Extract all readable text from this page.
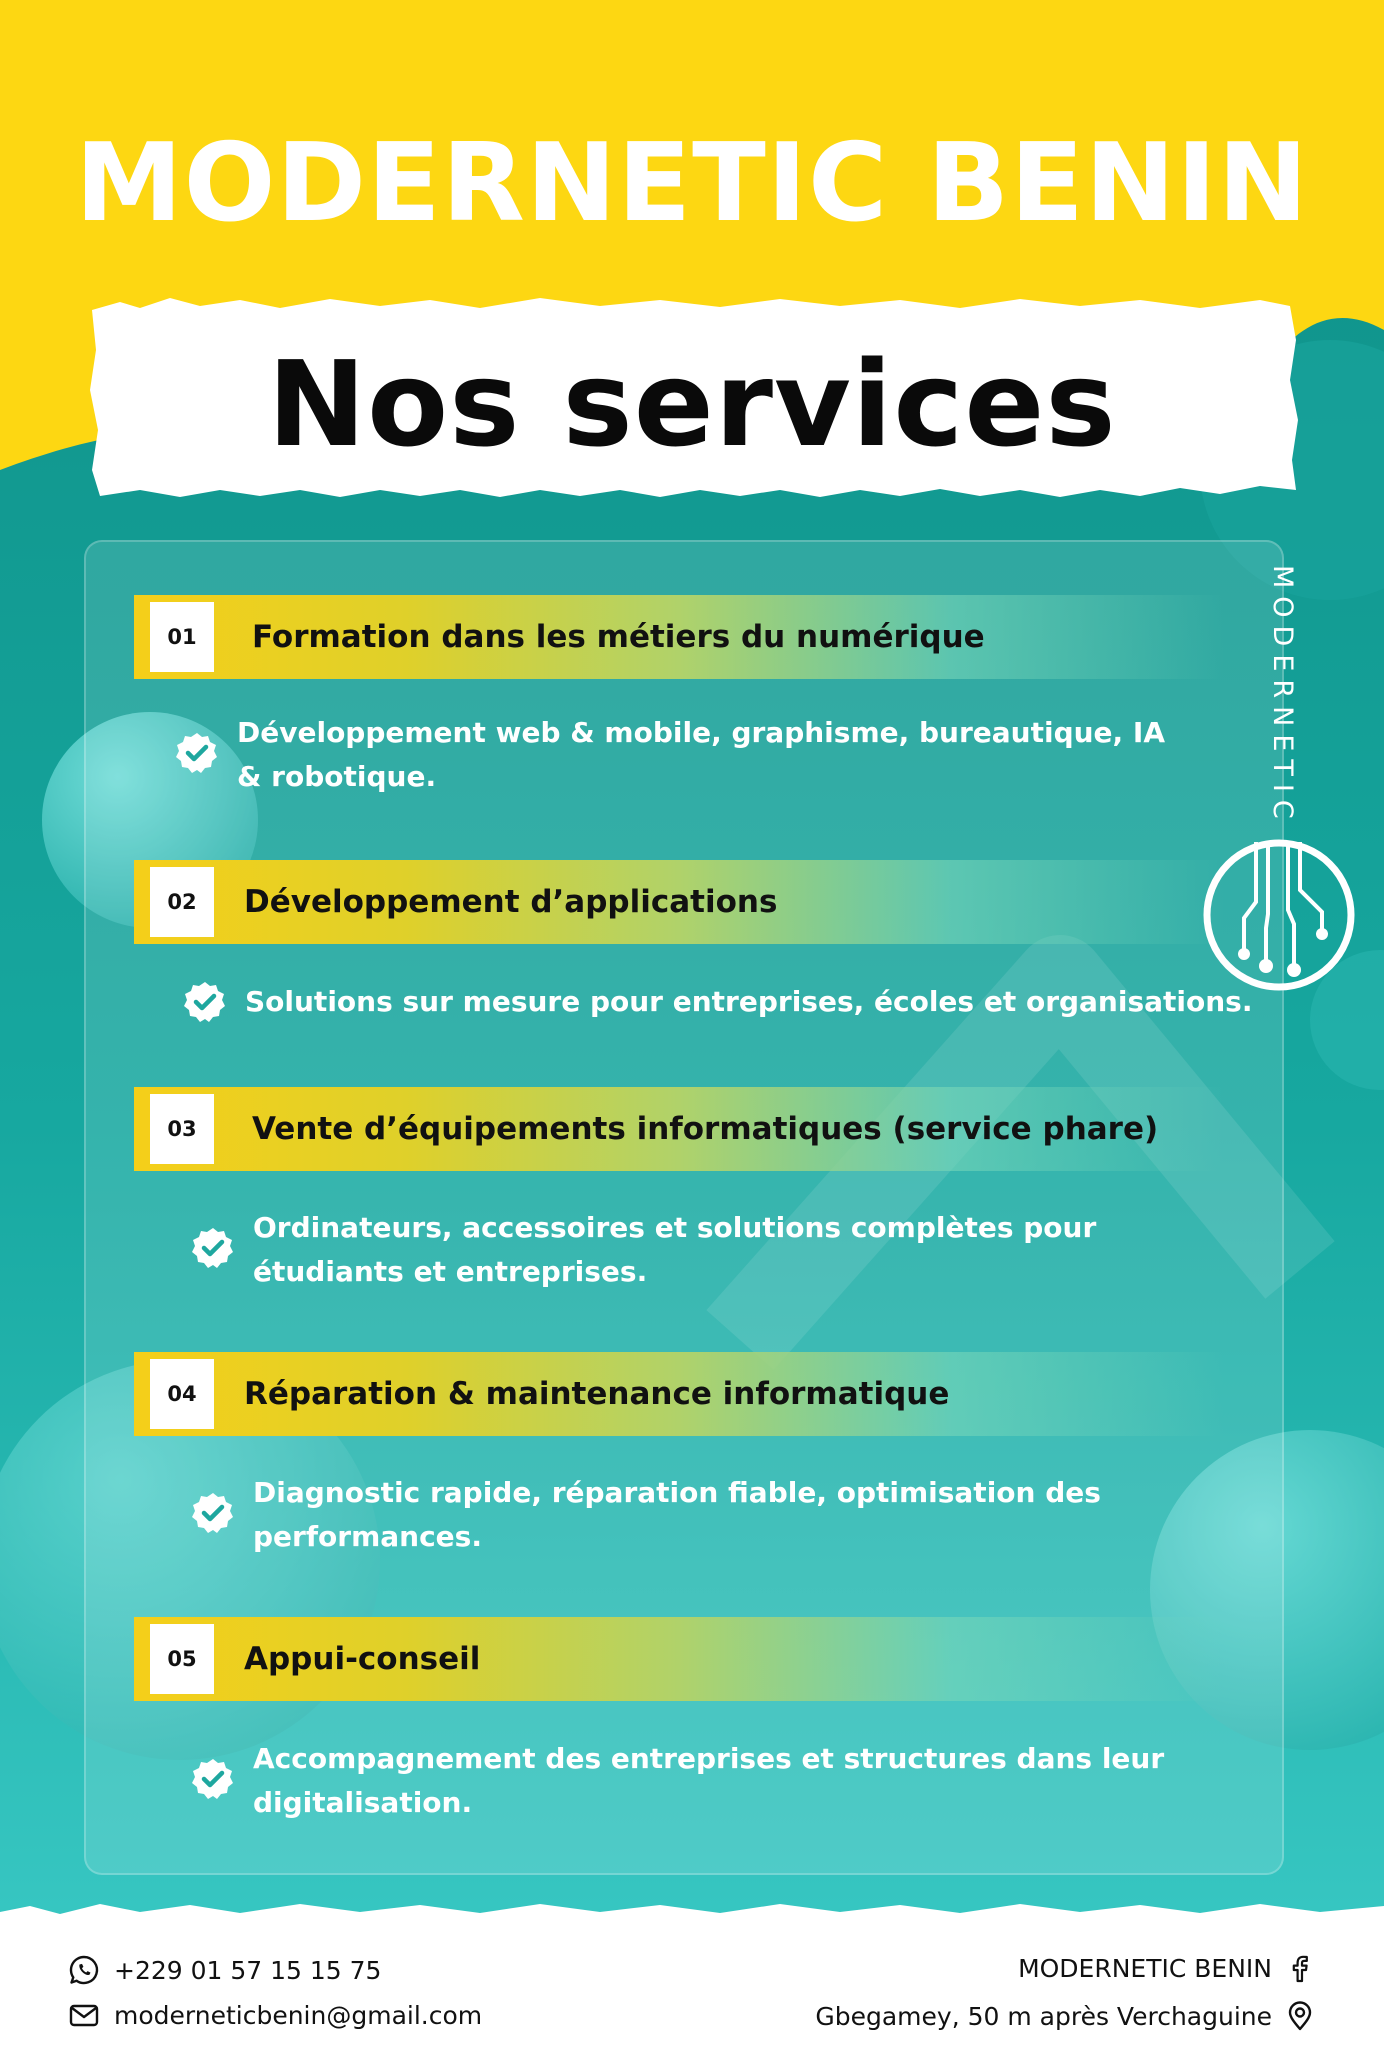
MODERNETIC BENIN
Nos services
01	Formation dans les métiers du numérique
Développement web & mobile, graphisme, bureautique, IA
& robotique.
02	Développement d’applications
Solutions sur mesure pour entreprises, écoles et organisations.
03	Vente d’équipements informatiques (service phare)
Ordinateurs, accessoires et solutions complètes pour
étudiants et entreprises.
04	Réparation & maintenance informatique
Diagnostic rapide, réparation fiable, optimisation des
performances.
05	Appui-conseil
Accompagnement des entreprises et structures dans leur
digitalisation.
MODERNETIC
+229 01 57 15 15 75
moderneticbenin@gmail.com
MODERNETIC BENIN
Gbegamey, 50 m après Verchaguine
